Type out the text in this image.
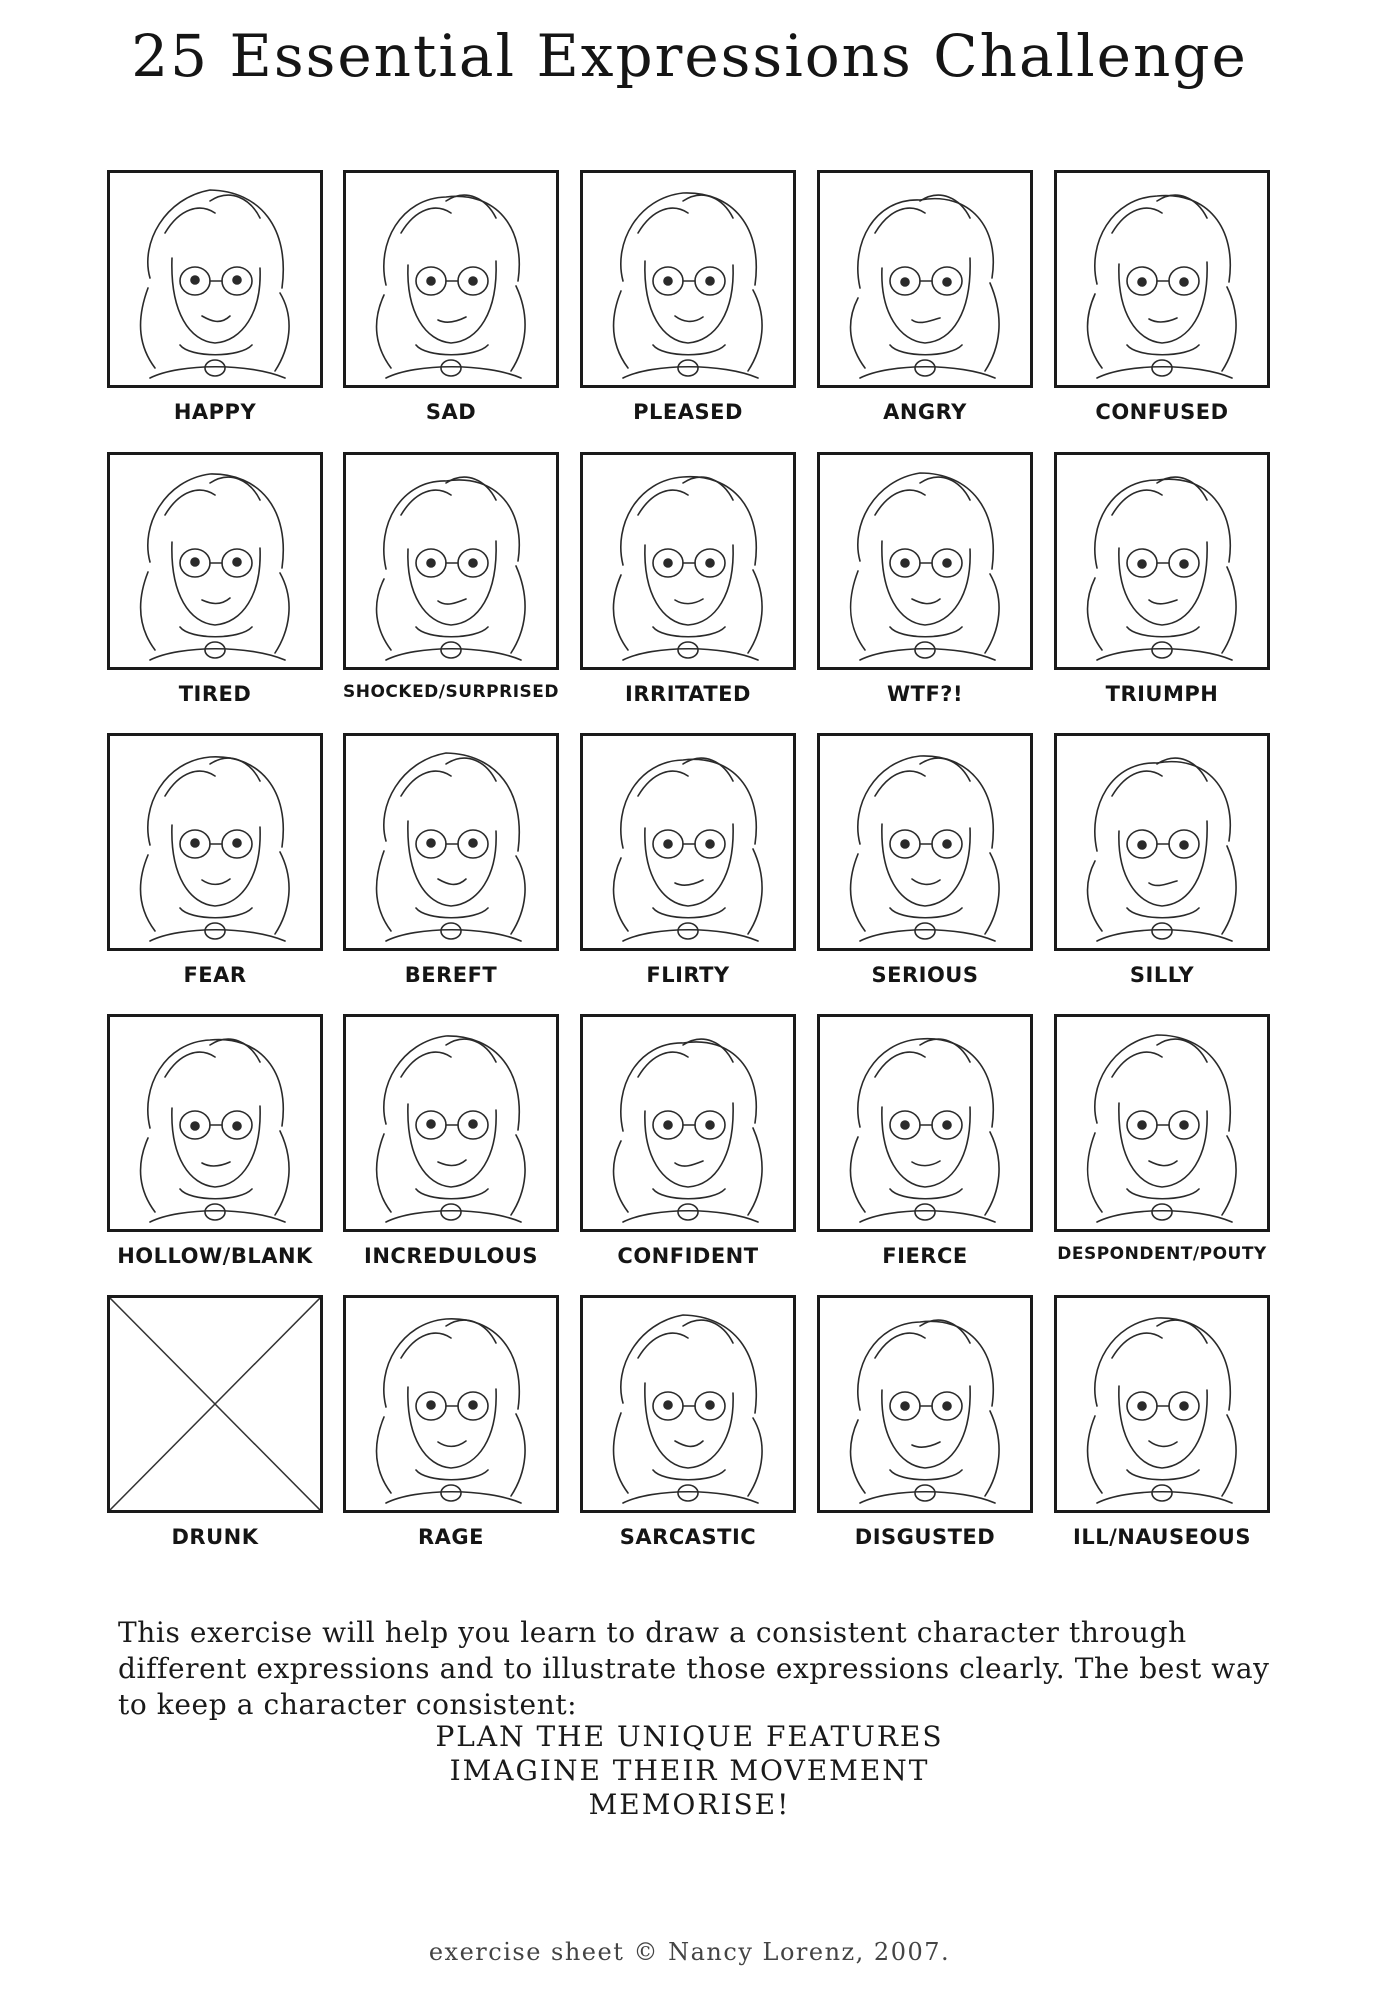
25 Essential Expressions Challenge
HAPPY	SAD	PLEASED	ANGRY	CONFUSED
TIRED	SHOCKED/SURPRISED	IRRITATED	WTF?!	TRIUMPH
FEAR	BEREFT	FLIRTY	SERIOUS	SILLY
HOLLOW/BLANK	INCREDULOUS	CONFIDENT	FIERCE	DESPONDENT/POUTY
DRUNK	RAGE	SARCASTIC	DISGUSTED	ILL/NAUSEOUS

This exercise will help you learn to draw a consistent character through different expressions and to illustrate those expressions clearly. The best way to keep a character consistent:

PLAN THE UNIQUE FEATURES
IMAGINE THEIR MOVEMENT
MEMORISE!
exercise sheet © Nancy Lorenz, 2007.
